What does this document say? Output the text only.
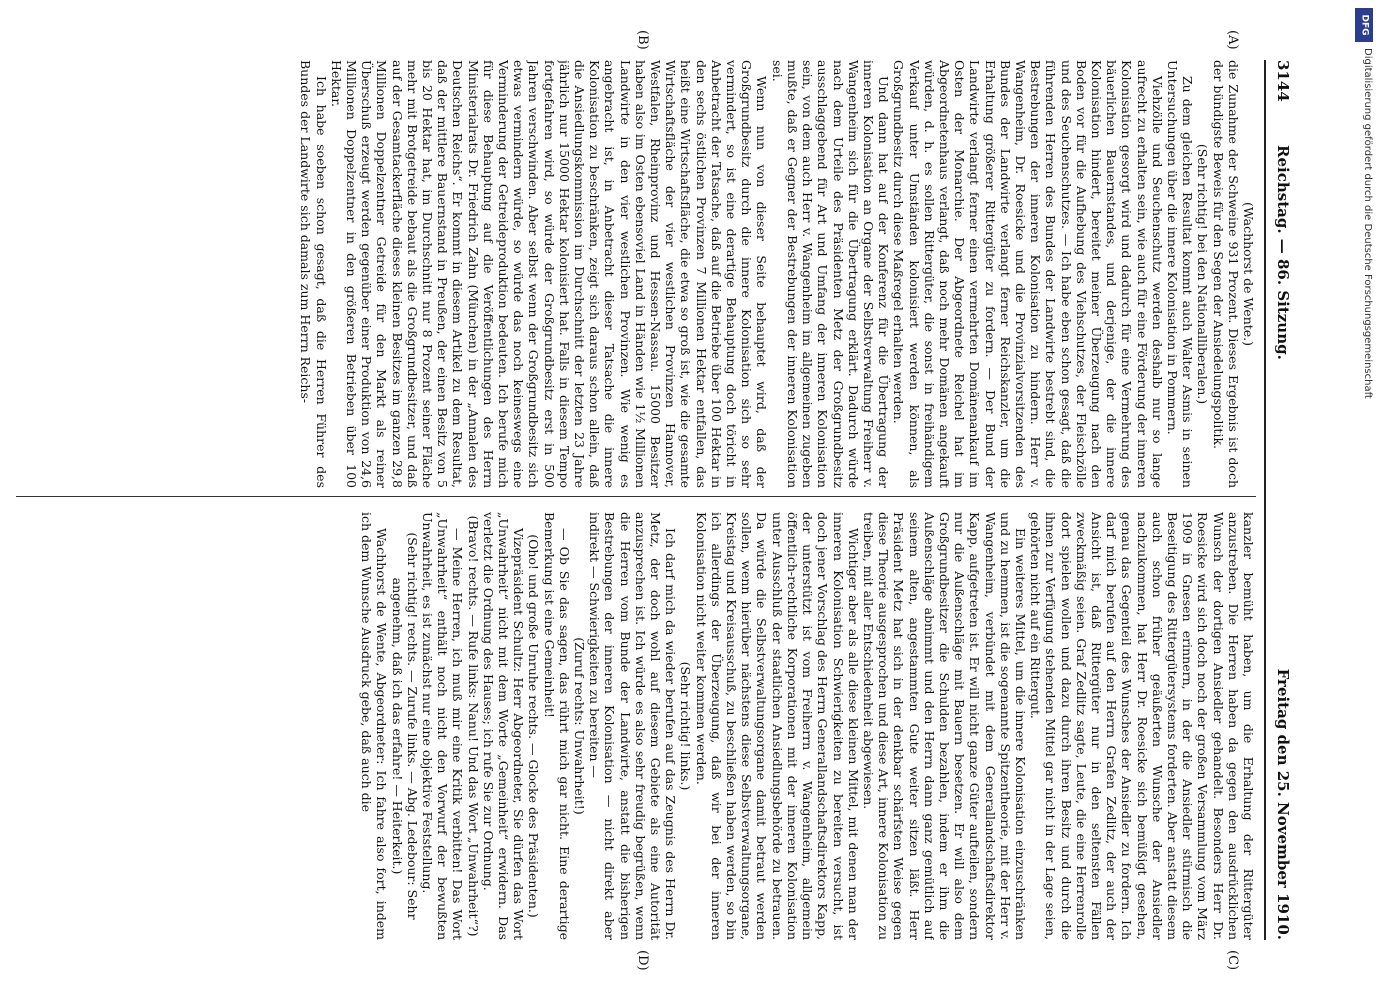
3144
Reichstag. — 86. Sitzung.
Freitag den 25. November 1910.
(A)
(B)
(C)
(D)

(Wachhorst de Wente.)

die Zunahme der Schweine 931 Prozent. Dieses Ergebnis ist doch der bündigste Beweis für den Segen der Ansiedelungspolitik.

(Sehr richtig! bei den Nationalliberalen.)

Zu dem gleichen Resultat kommt auch Walter Asmis in seinen Untersuchungen über die innere Kolonisation in Pommern.

Viehzölle und Seuchenschutz werden deshalb nur so lange aufrecht zu erhalten sein, wie auch für eine Förderung der inneren Kolonisation gesorgt wird und dadurch für eine Vermehrung des bäuerlichen Bauernstandes, und derjenige, der die innere Kolonisation hindert, bereitet meiner Überzeugung nach den Boden vor für die Aufhebung des Viehschutzes, der Fleischzölle und des Seuchenschutzes. — Ich habe eben schon gesagt, daß die führenden Herren des Bundes der Landwirte bestrebt sind, die Bestrebungen der inneren Kolonisation zu hindern. Herr v. Wangenheim, Dr. Roesicke und die Provinzialvorsitzenden des Bundes der Landwirte verlangt ferner Reichskanzler, um die Erhaltung größerer Rittergüter zu fordern. — Der Bund der Landwirte verlangt ferner einen vermehrten Domänenankauf im Osten der Monarchie. Der Abgeordnete Reichel hat im Abgeordnetenhaus verlangt, daß noch mehr Domänen angekauft würden, d. h. es sollen Rittergüter, die sonst in freihändigem Verkauf unter Umständen kolonisiert werden können, als Großgrundbesitz durch diese Maßregel erhalten werden.

Und dann hat auf der Konferenz für die Übertragung der inneren Kolonisation an Organe der Selbstverwaltung Freiherr v. Wangenheim sich für die Übertragung erklärt. Dadurch würde nach dem Urteile des Präsidenten Metz der Großgrundbesitz ausschlaggebend für Art und Umfang der inneren Kolonisation sein, von dem auch Herr v. Wangenheim im allgemeinen zugeben mußte, daß er Gegner der Bestrebungen der inneren Kolonisation sei.

Wenn nun von dieser Seite behauptet wird, daß der Großgrundbesitz durch die innere Kolonisation sich so sehr vermindert, so ist eine derartige Behauptung doch töricht in Anbetracht der Tatsache, daß auf die Betriebe über 100 Hektar in den sechs östlichen Provinzen 7 Millionen Hektar entfallen, das heißt eine Wirtschaftsfläche, die etwa so groß ist, wie die gesamte Wirtschaftsfläche der vier westlichen Provinzen Hannover, Westfalen, Rheinprovinz und Hessen-Nassau. 15000 Besitzer haben also im Osten ebensoviel Land in Händen wie 1½ Millionen Landwirte in den vier westlichen Provinzen. Wie wenig es angebracht ist, in Anbetracht dieser Tatsache die innere Kolonisation zu beschränken, zeigt sich daraus schon allein, daß die Ansiedlungskommission im Durchschnitt der letzten 23 Jahre jährlich nur 15000 Hektar kolonisiert hat. Falls in diesem Tempo fortgefahren wird, so würde der Großgrundbesitz erst in 500 Jahren verschwinden. Aber selbst wenn der Großgrundbesitz sich etwas vermindern würde, so würde das noch keineswegs eine Verminderung der Getreideproduktion bedeuten. Ich berufe mich für diese Behauptung auf die Veröffentlichungen des Herrn Ministerialrats Dr. Friedrich Zahn (München) in der „Annalen des Deutschen Reichs“. Er kommt in diesem Artikel zu dem Resultat, daß der mittlere Bauernstand in Preußen, der einen Besitz von 5 bis 20 Hektar hat, im Durchschnitt nur 8 Prozent seiner Fläche mehr mit Brotgetreide bebaut als die Großgrundbesitzer, und daß auf der Gesamtackerfläche dieses kleinen Besitzes im ganzen 29,8 Millionen Doppelzentner Getreide für den Markt als reiner Überschuß erzeugt werden gegenüber einer Produktion von 24,6 Millionen Doppelzentner in den größeren Betrieben über 100 Hektar.

Ich habe soeben schon gesagt, daß die Herren Führer des Bundes der Landwirte sich damals zum Herrn Reichs-

kanzler bemüht haben, um die Erhaltung der Rittergüter anzustreben. Die Herren haben da gegen den ausdrücklichen Wunsch der dortigen Ansiedler gehandelt. Besonders Herr Dr. Roesicke wird sich doch noch der großen Versammlung vom März 1909 in Gnesen erinnern, in der die Ansiedler stürmisch die Beseitigung des Rittergütersystems forderten. Aber anstatt diesem auch schon früher geäußerten Wunsche der Ansiedler nachzukommen, hat Herr Dr. Roesicke sich bemüßigt gesehen, genau das Gegenteil des Wunsches der Ansiedler zu fordern. Ich darf mich berufen auf den Herrn Grafen Zedlitz, der auch der Ansicht ist, daß Rittergüter nur in den seltensten Fällen zweckmäßig seien. Graf Zedlitz sagte, Leute, die eine Herrenrolle dort spielen wollen und dazu durch ihren Besitz und durch die ihnen zur Verfügung stehenden Mittel gar nicht in der Lage seien, gehörten nicht auf ein Rittergut.

Ein weiteres Mittel, um die innere Kolonisation einzuschränken und zu hemmen, ist die sogenannte Spitzentheorie, mit der Herr v. Wangenheim, verbündet mit dem Generallandschaftsdirektor Kapp, aufgetreten ist. Er will nicht ganze Güter aufteilen, sondern nur die Außenschläge mit Bauern besetzen. Er will also dem Großgrundbesitzer die Schulden bezahlen, indem er ihm die Außenschläge abnimmt und den Herrn dann ganz gemütlich auf seinem alten, angestammten Gute weiter sitzen läßt. Herr Präsident Metz hat sich in der denkbar schärfsten Weise gegen diese Theorie ausgesprochen und diese Art, innere Kolonisation zu treiben, mit aller Entschiedenheit abgewiesen.

Wichtiger aber als alle diese kleinen Mittel, mit denen man der inneren Kolonisation Schwierigkeiten zu bereiten versucht, ist doch jener Vorschlag des Herrn Generallandschaftsdirektors Kapp, der unterstützt ist vom Freiherrn v. Wangenheim, allgemein öffentlich-rechtliche Korporationen mit der inneren Kolonisation unter Ausschluß der staatlichen Ansiedlungsbehörde zu betrauen. Da würde die Selbstverwaltungsorgane damit betraut werden sollen, wenn hierüber nächstens diese Selbstverwaltungsorgane, Kreistag und Kreisausschuß, zu beschließen haben werden, so bin ich allerdings der Überzeugung, daß wir bei der inneren Kolonisation nicht weiter kommen werden.

(Sehr richtig! links.)

Ich darf mich da wieder berufen auf das Zeugnis des Herrn Dr. Metz, der doch wohl auf diesem Gebiete als eine Autorität anzusprechen ist. Ich würde es also sehr freudig begrüßen, wenn die Herren vom Bunde der Landwirte, anstatt die bisherigen Bestrebungen der inneren Kolonisation — nicht direkt aber indirekt — Schwierigkeiten zu bereiten —

(Zuruf rechts: Unwahrheit!)

— Ob Sie das sagen, das rührt mich gar nicht. Eine derartige Bemerkung ist eine Gemeinheit!

(Oho! und große Unruhe rechts. — Glocke des Präsidenten.)

Vizepräsident Schultz: Herr Abgeordneter, Sie dürfen das Wort „Unwahrheit“ nicht mit dem Worte „Gemeinheit“ erwidern. Das verletzt die Ordnung des Hauses; ich rufe Sie zur Ordnung.

(Bravo! rechts. — Rufe links: Nanu! Und das Wort „Unwahrheit“?)

— Meine Herren, ich muß mir eine Kritik verbitten! Das Wort „Unwahrheit“ enthält noch nicht den Vorwurf der bewußten Unwahrheit, es ist zunächst nur eine objektive Feststellung.

(Sehr richtig! rechts. — Zurufe links. — Abg. Ledebour: Sehr angenehm, daß ich das erfahre! — Heiterkeit.)

Wachhorst de Wente, Abgeordneter: Ich fahre also fort, indem ich dem Wunsche Ausdruck gebe, daß auch die

DFG
Digitalisierung gefördert durch die Deutsche Forschungsgemeinschaft
